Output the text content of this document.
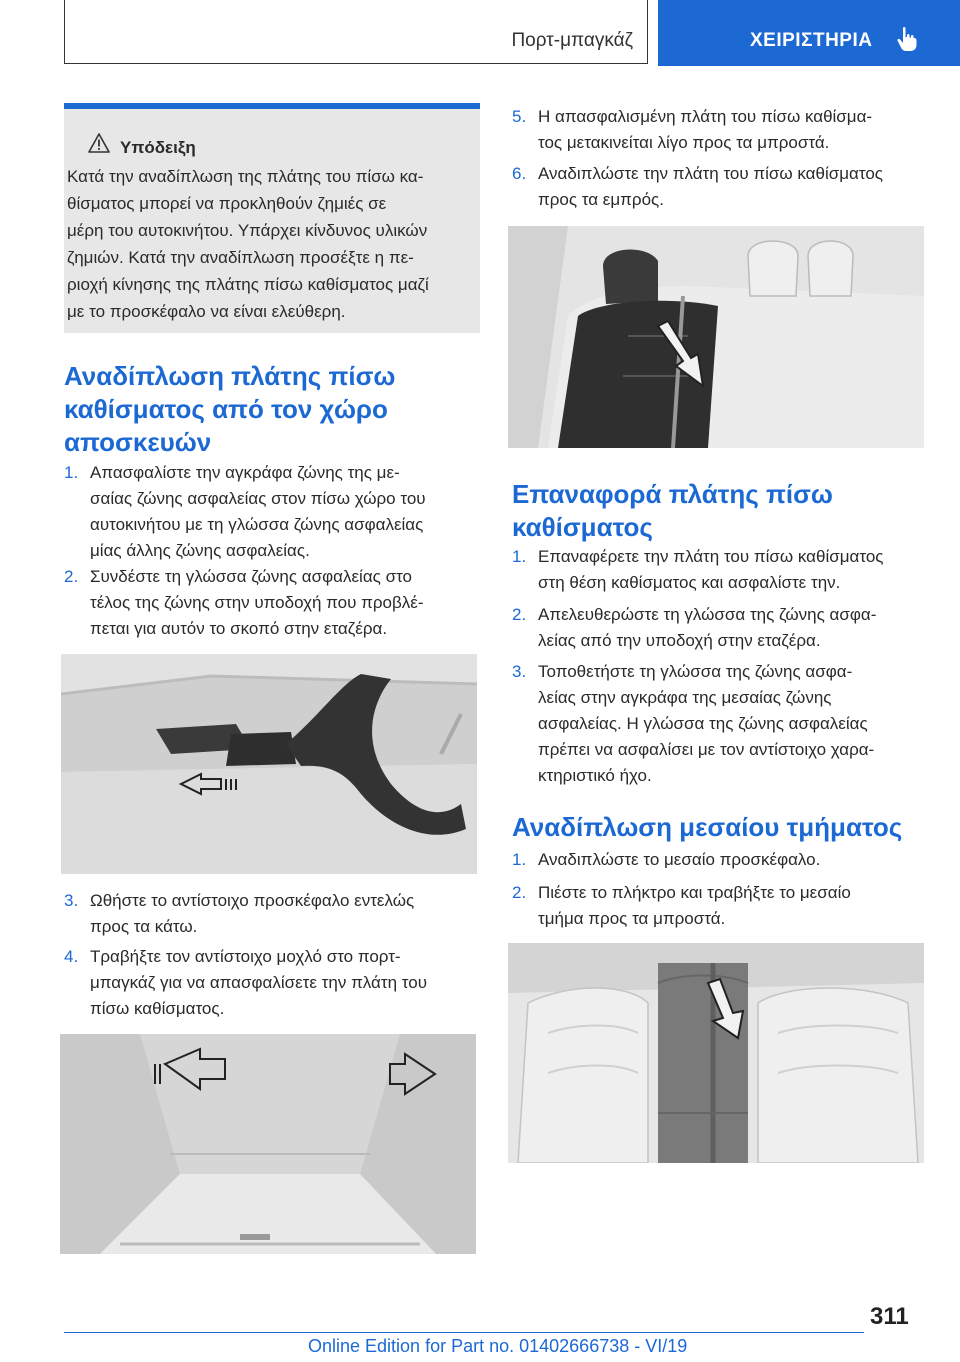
Πορτ-μπαγκάζ	ΧΕΙΡΙΣΤΗΡΙΑ
Υπόδειξη
Κατά την αναδίπλωση της πλάτης του πίσω κα-
θίσματος μπορεί να προκληθούν ζημιές σε
μέρη του αυτοκινήτου. Υπάρχει κίνδυνος υλικών
ζημιών. Κατά την αναδίπλωση προσέξτε η πε-
ριοχή κίνησης της πλάτης πίσω καθίσματος μαζί
με το προσκέφαλο να είναι ελεύθερη.
Αναδίπλωση πλάτης πίσω
καθίσματος από τον χώρο
αποσκευών
1. Απασφαλίστε την αγκράφα ζώνης της με-
σαίας ζώνης ασφαλείας στον πίσω χώρο του
αυτοκινήτου με τη γλώσσα ζώνης ασφαλείας
μίας άλλης ζώνης ασφαλείας.
2. Συνδέστε τη γλώσσα ζώνης ασφαλείας στο
τέλος της ζώνης στην υποδοχή που προβλέ-
πεται για αυτόν το σκοπό στην εταζέρα.
3. Ωθήστε το αντίστοιχο προσκέφαλο εντελώς
προς τα κάτω.
4. Τραβήξτε τον αντίστοιχο μοχλό στο πορτ-
μπαγκάζ για να απασφαλίσετε την πλάτη του
πίσω καθίσματος.
5. Η απασφαλισμένη πλάτη του πίσω καθίσμα-
τος μετακινείται λίγο προς τα μπροστά.
6. Αναδιπλώστε την πλάτη του πίσω καθίσματος
προς τα εμπρός.
Επαναφορά πλάτης πίσω
καθίσματος
1. Επαναφέρετε την πλάτη του πίσω καθίσματος
στη θέση καθίσματος και ασφαλίστε την.
2. Απελευθερώστε τη γλώσσα της ζώνης ασφα-
λείας από την υποδοχή στην εταζέρα.
3. Τοποθετήστε τη γλώσσα της ζώνης ασφα-
λείας στην αγκράφα της μεσαίας ζώνης
ασφαλείας. Η γλώσσα της ζώνης ασφαλείας
πρέπει να ασφαλίσει με τον αντίστοιχο χαρα-
κτηριστικό ήχο.
Αναδίπλωση μεσαίου τμήματος
1. Αναδιπλώστε το μεσαίο προσκέφαλο.
2. Πιέστε το πλήκτρο και τραβήξτε το μεσαίο
τμήμα προς τα μπροστά.
311
Online Edition for Part no. 01402666738 - VI/19
